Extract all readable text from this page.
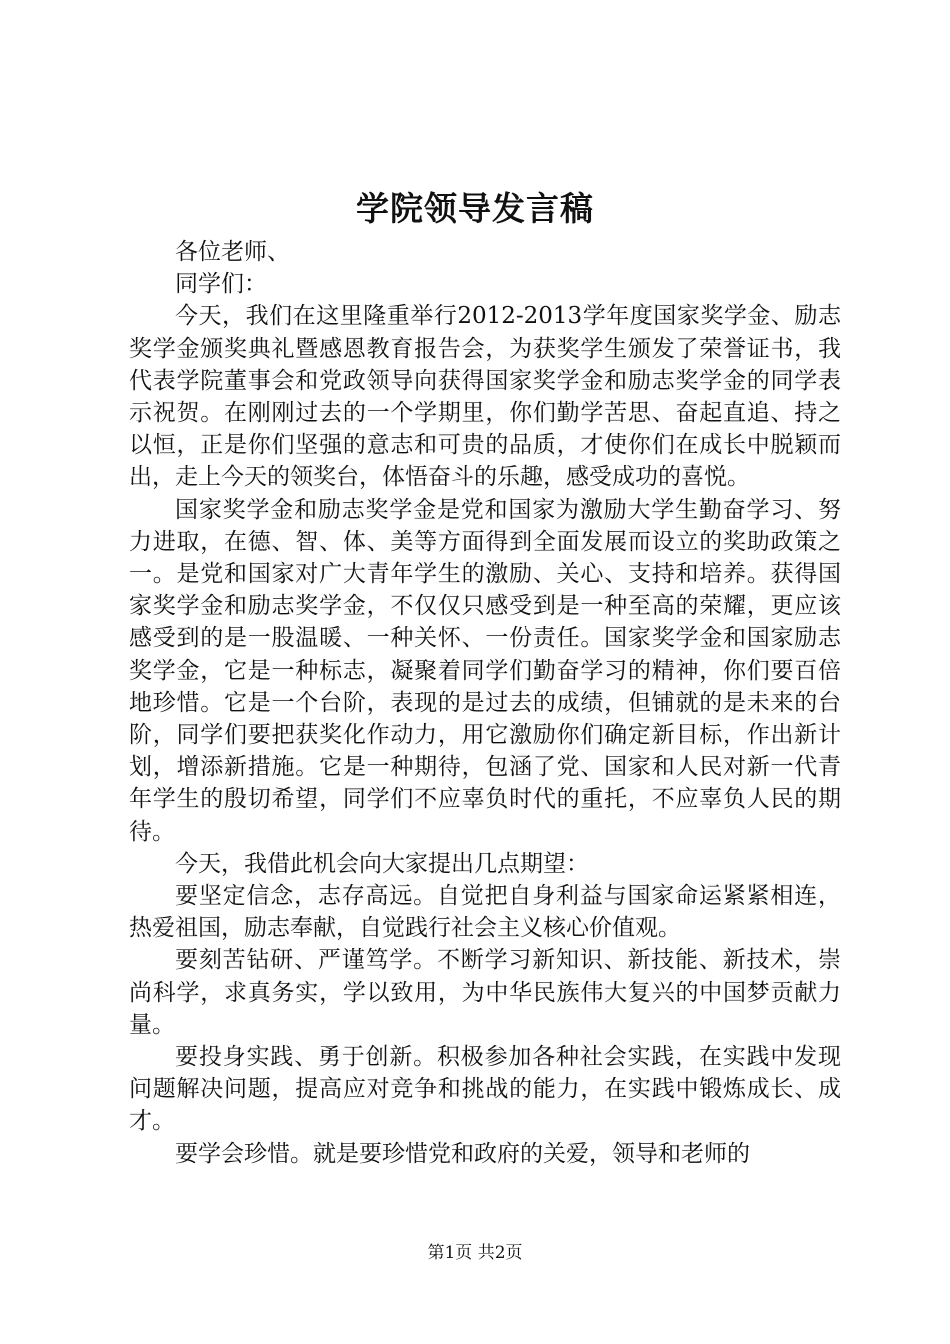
学院领导发言稿

各位老师、

同学们：

今天，我们在这里隆重举行2012-2013学年度国家奖学金、励志奖学金颁奖典礼暨感恩教育报告会，为获奖学生颁发了荣誉证书，我代表学院董事会和党政领导向获得国家奖学金和励志奖学金的同学表示祝贺。在刚刚过去的一个学期里，你们勤学苦思、奋起直追、持之以恒，正是你们坚强的意志和可贵的品质，才使你们在成长中脱颖而出，走上今天的领奖台，体悟奋斗的乐趣，感受成功的喜悦。

国家奖学金和励志奖学金是党和国家为激励大学生勤奋学习、努力进取，在德、智、体、美等方面得到全面发展而设立的奖助政策之一。是党和国家对广大青年学生的激励、关心、支持和培养。获得国家奖学金和励志奖学金，不仅仅只感受到是一种至高的荣耀，更应该感受到的是一股温暖、一种关怀、一份责任。国家奖学金和国家励志奖学金，它是一种标志，凝聚着同学们勤奋学习的精神，你们要百倍地珍惜。它是一个台阶，表现的是过去的成绩，但铺就的是未来的台阶，同学们要把获奖化作动力，用它激励你们确定新目标，作出新计划，增添新措施。它是一种期待，包涵了党、国家和人民对新一代青年学生的殷切希望，同学们不应辜负时代的重托，不应辜负人民的期待。

今天，我借此机会向大家提出几点期望：

要坚定信念，志存高远。自觉把自身利益与国家命运紧紧相连，热爱祖国，励志奉献，自觉践行社会主义核心价值观。

要刻苦钻研、严谨笃学。不断学习新知识、新技能、新技术，崇尚科学，求真务实，学以致用，为中华民族伟大复兴的中国梦贡献力量。

要投身实践、勇于创新。积极参加各种社会实践，在实践中发现问题解决问题，提高应对竞争和挑战的能力，在实践中锻炼成长、成才。

要学会珍惜。就是要珍惜党和政府的关爱，领导和老师的

第1页 共2页
